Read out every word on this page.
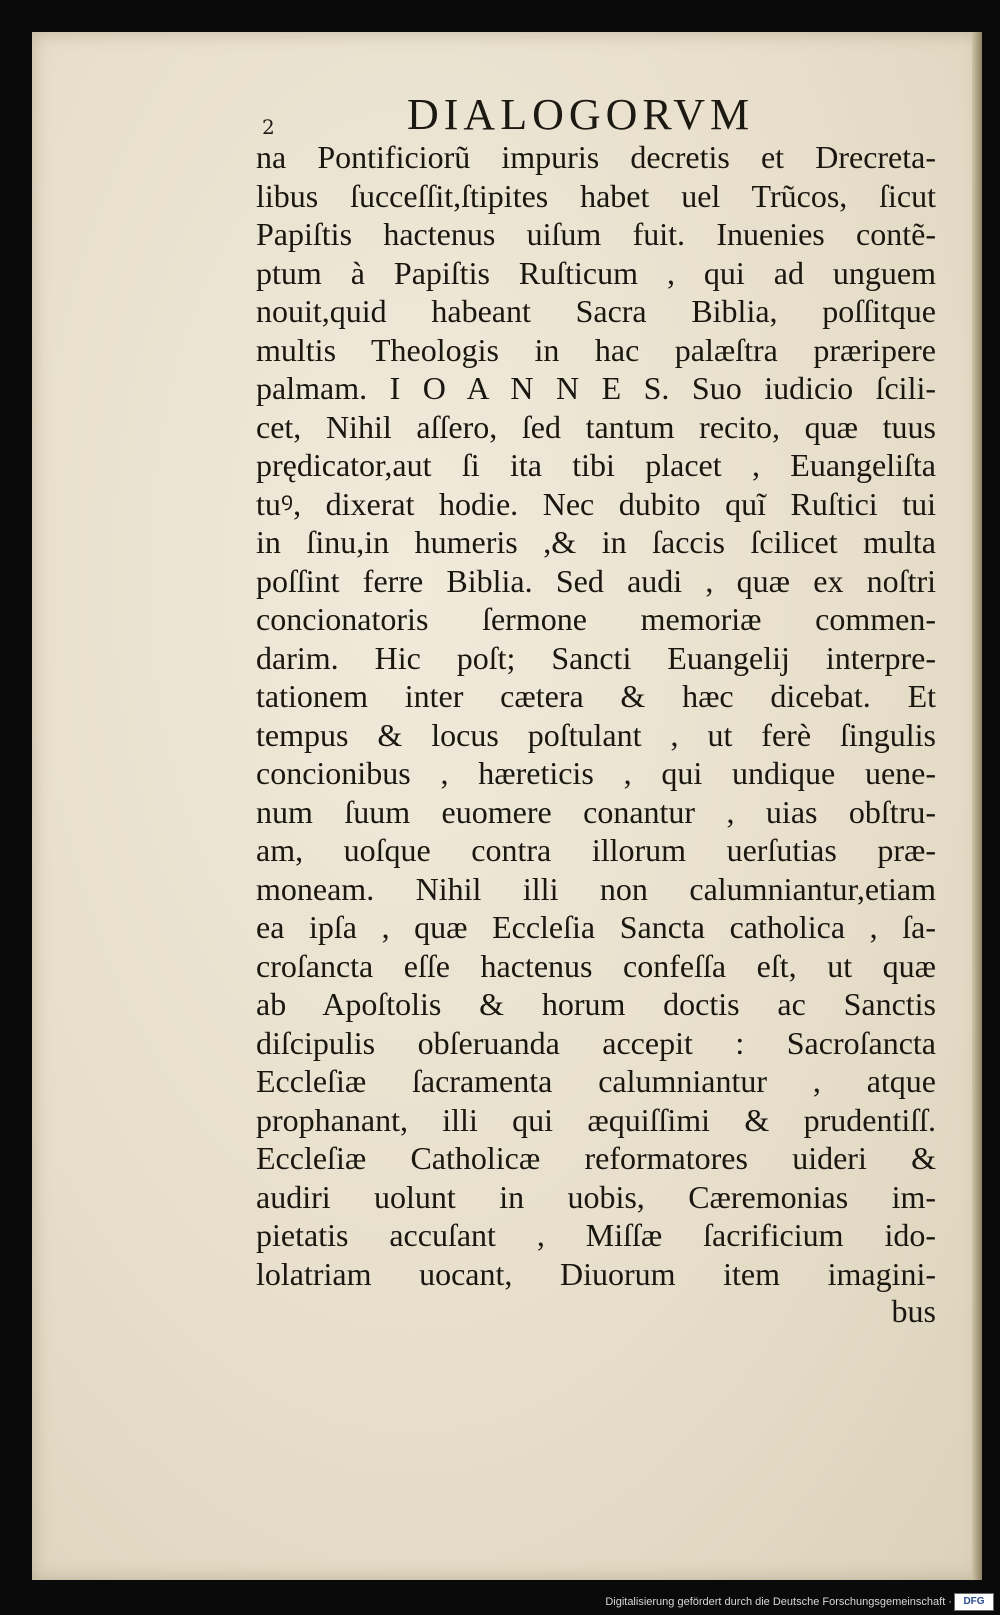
2	DIALOGORVM
na Pontificiorũ impuris decretis et Drecreta-
libus ſucceſſit,ſtipites habet uel Trũcos, ſicut
Papiſtis hactenus uiſum fuit. Inuenies contẽ-
ptum à Papiſtis Ruſticum , qui ad unguem
nouit,quid habeant Sacra Biblia, poſſitque
multis Theologis in hac palæſtra præripere
palmam. I O A N N E S. Suo iudicio ſcili-
cet, Nihil aſſero, ſed tantum recito, quæ tuus
prędicator,aut ſi ita tibi placet , Euangeliſta
tuꝰ, dixerat hodie. Nec dubito quĩ Ruſtici tui
in ſinu,in humeris ,& in ſaccis ſcilicet multa
poſſint ferre Biblia. Sed audi , quæ ex noſtri
concionatoris ſermone memoriæ commen-
darim. Hic poſt; Sancti Euangelij interpre-
tationem inter cætera & hæc dicebat. Et
tempus & locus poſtulant , ut ferè ſingulis
concionibus , hæreticis , qui undique uene-
num ſuum euomere conantur , uias obſtru-
am, uoſque contra illorum uerſutias præ-
moneam. Nihil illi non calumniantur,etiam
ea ipſa , quæ Eccleſia Sancta catholica , ſa-
croſancta eſſe hactenus confeſſa eſt, ut quæ
ab Apoſtolis & horum doctis ac Sanctis
diſcipulis obſeruanda accepit : Sacroſancta
Eccleſiæ ſacramenta calumniantur , atque
prophanant, illi qui æquiſſimi & prudentiſſ.
Eccleſiæ Catholicæ reformatores uideri &
audiri uolunt in uobis, Cæremonias im-
pietatis accuſant , Miſſæ ſacrificium ido-
lolatriam uocant, Diuorum item imagini-
bus
Digitalisierung gefördert durch die Deutsche Forschungsgemeinschaft ·	DFG
